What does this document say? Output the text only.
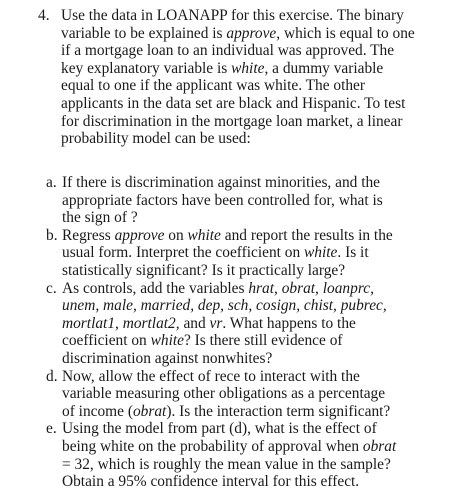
4. Use the data in LOANAPP for this exercise. The binary
variable to be explained is approve, which is equal to one
if a mortgage loan to an individual was approved. The
key explanatory variable is white, a dummy variable
equal to one if the applicant was white. The other
applicants in the data set are black and Hispanic. To test
for discrimination in the mortgage loan market, a linear
probability model can be used:

a. If there is discrimination against minorities, and the
appropriate factors have been controlled for, what is
the sign of ?
b. Regress approve on white and report the results in the
usual form. Interpret the coefficient on white. Is it
statistically significant? Is it practically large?
c. As controls, add the variables hrat, obrat, loanprc,
unem, male, married, dep, sch, cosign, chist, pubrec,
mortlat1, mortlat2, and vr. What happens to the
coefficient on white? Is there still evidence of
discrimination against nonwhites?
d. Now, allow the effect of rece to interact with the
variable measuring other obligations as a percentage
of income (obrat). Is the interaction term significant?
e. Using the model from part (d), what is the effect of
being white on the probability of approval when obrat
= 32, which is roughly the mean value in the sample?
Obtain a 95% confidence interval for this effect.
